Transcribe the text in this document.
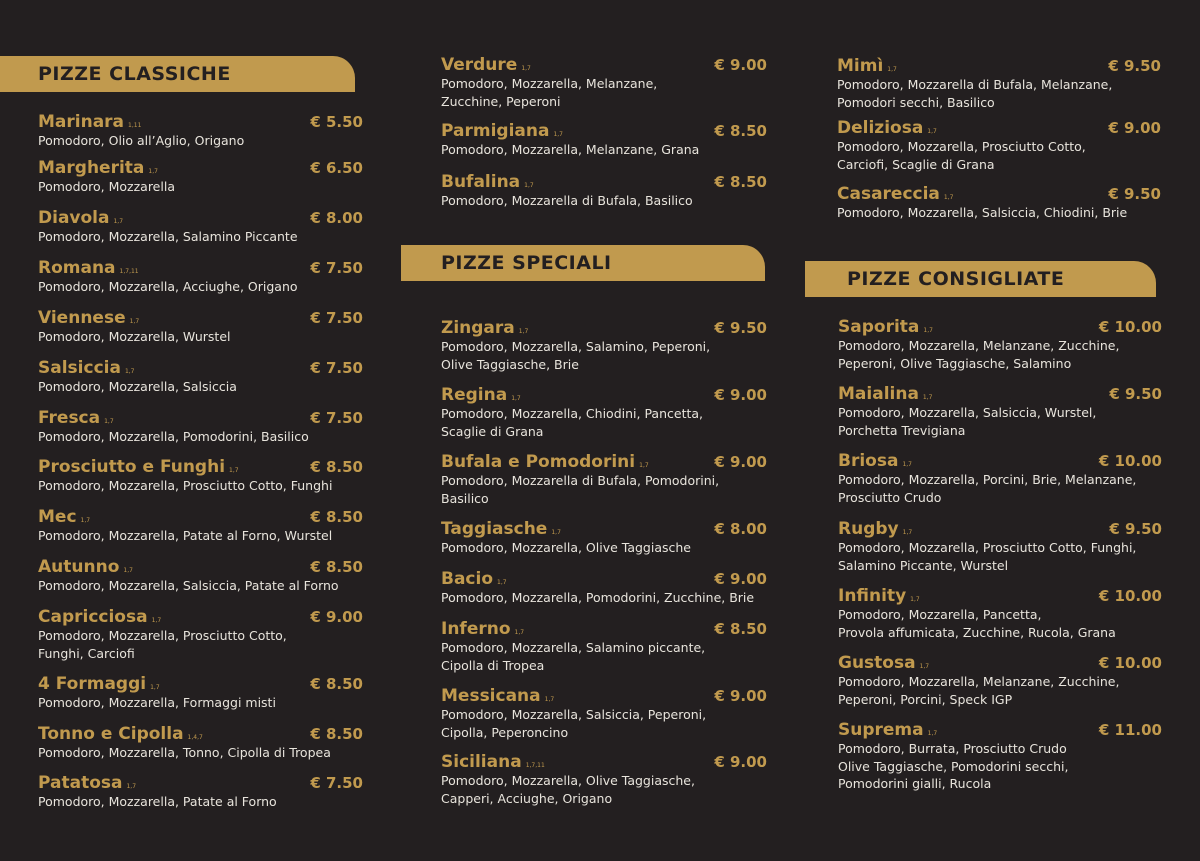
PIZZE CLASSICHE
PIZZE SPECIALI
PIZZE CONSIGLIATE
Marinara 1,11	€ 5.50
Pomodoro, Olio all’Aglio, Origano
Margherita 1,7	€ 6.50
Pomodoro, Mozzarella
Diavola 1,7	€ 8.00
Pomodoro, Mozzarella, Salamino Piccante
Romana 1,7,11	€ 7.50
Pomodoro, Mozzarella, Acciughe, Origano
Viennese 1,7	€ 7.50
Pomodoro, Mozzarella, Wurstel
Salsiccia 1,7	€ 7.50
Pomodoro, Mozzarella, Salsiccia
Fresca 1,7	€ 7.50
Pomodoro, Mozzarella, Pomodorini, Basilico
Prosciutto e Funghi 1,7	€ 8.50
Pomodoro, Mozzarella, Prosciutto Cotto, Funghi
Mec 1,7	€ 8.50
Pomodoro, Mozzarella, Patate al Forno, Wurstel
Autunno 1,7	€ 8.50
Pomodoro, Mozzarella, Salsiccia, Patate al Forno
Capricciosa 1,7	€ 9.00
Pomodoro, Mozzarella, Prosciutto Cotto,
Funghi, Carciofi
4 Formaggi 1,7	€ 8.50
Pomodoro, Mozzarella, Formaggi misti
Tonno e Cipolla 1,4,7	€ 8.50
Pomodoro, Mozzarella, Tonno, Cipolla di Tropea
Patatosa 1,7	€ 7.50
Pomodoro, Mozzarella, Patate al Forno
Verdure 1,7	€ 9.00
Pomodoro, Mozzarella, Melanzane,
Zucchine, Peperoni
Parmigiana 1,7	€ 8.50
Pomodoro, Mozzarella, Melanzane, Grana
Bufalina 1,7	€ 8.50
Pomodoro, Mozzarella di Bufala, Basilico
Zingara 1,7	€ 9.50
Pomodoro, Mozzarella, Salamino, Peperoni,
Olive Taggiasche, Brie
Regina 1,7	€ 9.00
Pomodoro, Mozzarella, Chiodini, Pancetta,
Scaglie di Grana
Bufala e Pomodorini 1,7	€ 9.00
Pomodoro, Mozzarella di Bufala, Pomodorini,
Basilico
Taggiasche 1,7	€ 8.00
Pomodoro, Mozzarella, Olive Taggiasche
Bacio 1,7	€ 9.00
Pomodoro, Mozzarella, Pomodorini, Zucchine, Brie
Inferno 1,7	€ 8.50
Pomodoro, Mozzarella, Salamino piccante,
Cipolla di Tropea
Messicana 1,7	€ 9.00
Pomodoro, Mozzarella, Salsiccia, Peperoni,
Cipolla, Peperoncino
Siciliana 1,7,11	€ 9.00
Pomodoro, Mozzarella, Olive Taggiasche,
Capperi, Acciughe, Origano
Mimì 1,7	€ 9.50
Pomodoro, Mozzarella di Bufala, Melanzane,
Pomodori secchi, Basilico
Deliziosa 1,7	€ 9.00
Pomodoro, Mozzarella, Prosciutto Cotto,
Carciofi, Scaglie di Grana
Casareccia 1,7	€ 9.50
Pomodoro, Mozzarella, Salsiccia, Chiodini, Brie
Saporita 1,7	€ 10.00
Pomodoro, Mozzarella, Melanzane, Zucchine,
Peperoni, Olive Taggiasche, Salamino
Maialina 1,7	€ 9.50
Pomodoro, Mozzarella, Salsiccia, Wurstel,
Porchetta Trevigiana
Briosa 1,7	€ 10.00
Pomodoro, Mozzarella, Porcini, Brie, Melanzane,
Prosciutto Crudo
Rugby 1,7	€ 9.50
Pomodoro, Mozzarella, Prosciutto Cotto, Funghi,
Salamino Piccante, Wurstel
Infinity 1,7	€ 10.00
Pomodoro, Mozzarella, Pancetta,
Provola affumicata, Zucchine, Rucola, Grana
Gustosa 1,7	€ 10.00
Pomodoro, Mozzarella, Melanzane, Zucchine,
Peperoni, Porcini, Speck IGP
Suprema 1,7	€ 11.00
Pomodoro, Burrata, Prosciutto Crudo
Olive Taggiasche, Pomodorini secchi,
Pomodorini gialli, Rucola
